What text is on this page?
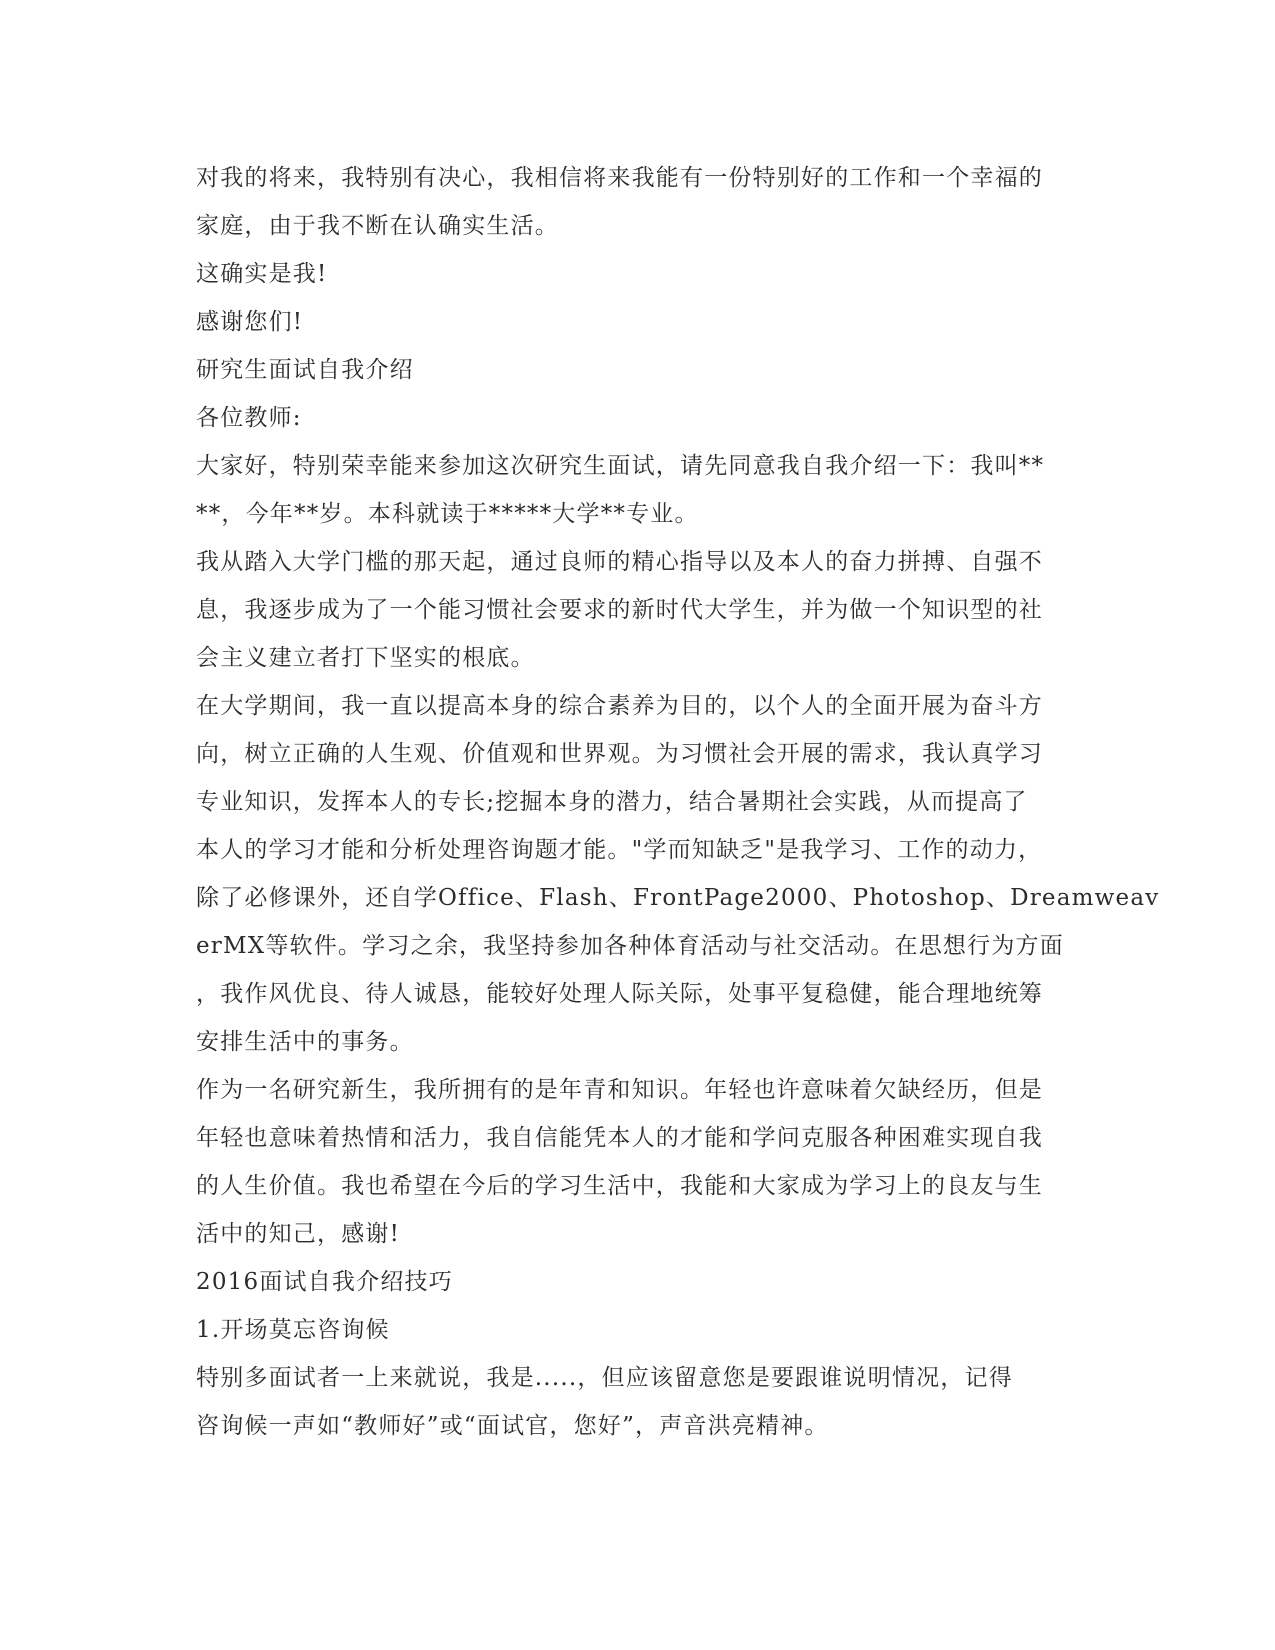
对我的将来，我特别有决心，我相信将来我能有一份特别好的工作和一个幸福的
家庭，由于我不断在认确实生活。
这确实是我!
感谢您们!
研究生面试自我介绍
各位教师:
大家好，特别荣幸能来参加这次研究生面试，请先同意我自我介绍一下：我叫**
**，今年**岁。本科就读于*****大学**专业。
我从踏入大学门槛的那天起，通过良师的精心指导以及本人的奋力拼搏、自强不
息，我逐步成为了一个能习惯社会要求的新时代大学生，并为做一个知识型的社
会主义建立者打下坚实的根底。
在大学期间，我一直以提高本身的综合素养为目的，以个人的全面开展为奋斗方
向，树立正确的人生观、价值观和世界观。为习惯社会开展的需求，我认真学习
专业知识，发挥本人的专长;挖掘本身的潜力，结合暑期社会实践，从而提高了
本人的学习才能和分析处理咨询题才能。"学而知缺乏"是我学习、工作的动力，
除了必修课外，还自学Office、Flash、FrontPage2000、Photoshop、Dreamweav
erMX等软件。学习之余，我坚持参加各种体育活动与社交活动。在思想行为方面
，我作风优良、待人诚恳，能较好处理人际关际，处事平复稳健，能合理地统筹
安排生活中的事务。
作为一名研究新生，我所拥有的是年青和知识。年轻也许意味着欠缺经历，但是
年轻也意味着热情和活力，我自信能凭本人的才能和学问克服各种困难实现自我
的人生价值。我也希望在今后的学习生活中，我能和大家成为学习上的良友与生
活中的知己，感谢!
2016面试自我介绍技巧
1.开场莫忘咨询候
特别多面试者一上来就说，我是.....，但应该留意您是要跟谁说明情况，记得
咨询候一声如“教师好”或“面试官，您好”，声音洪亮精神。
